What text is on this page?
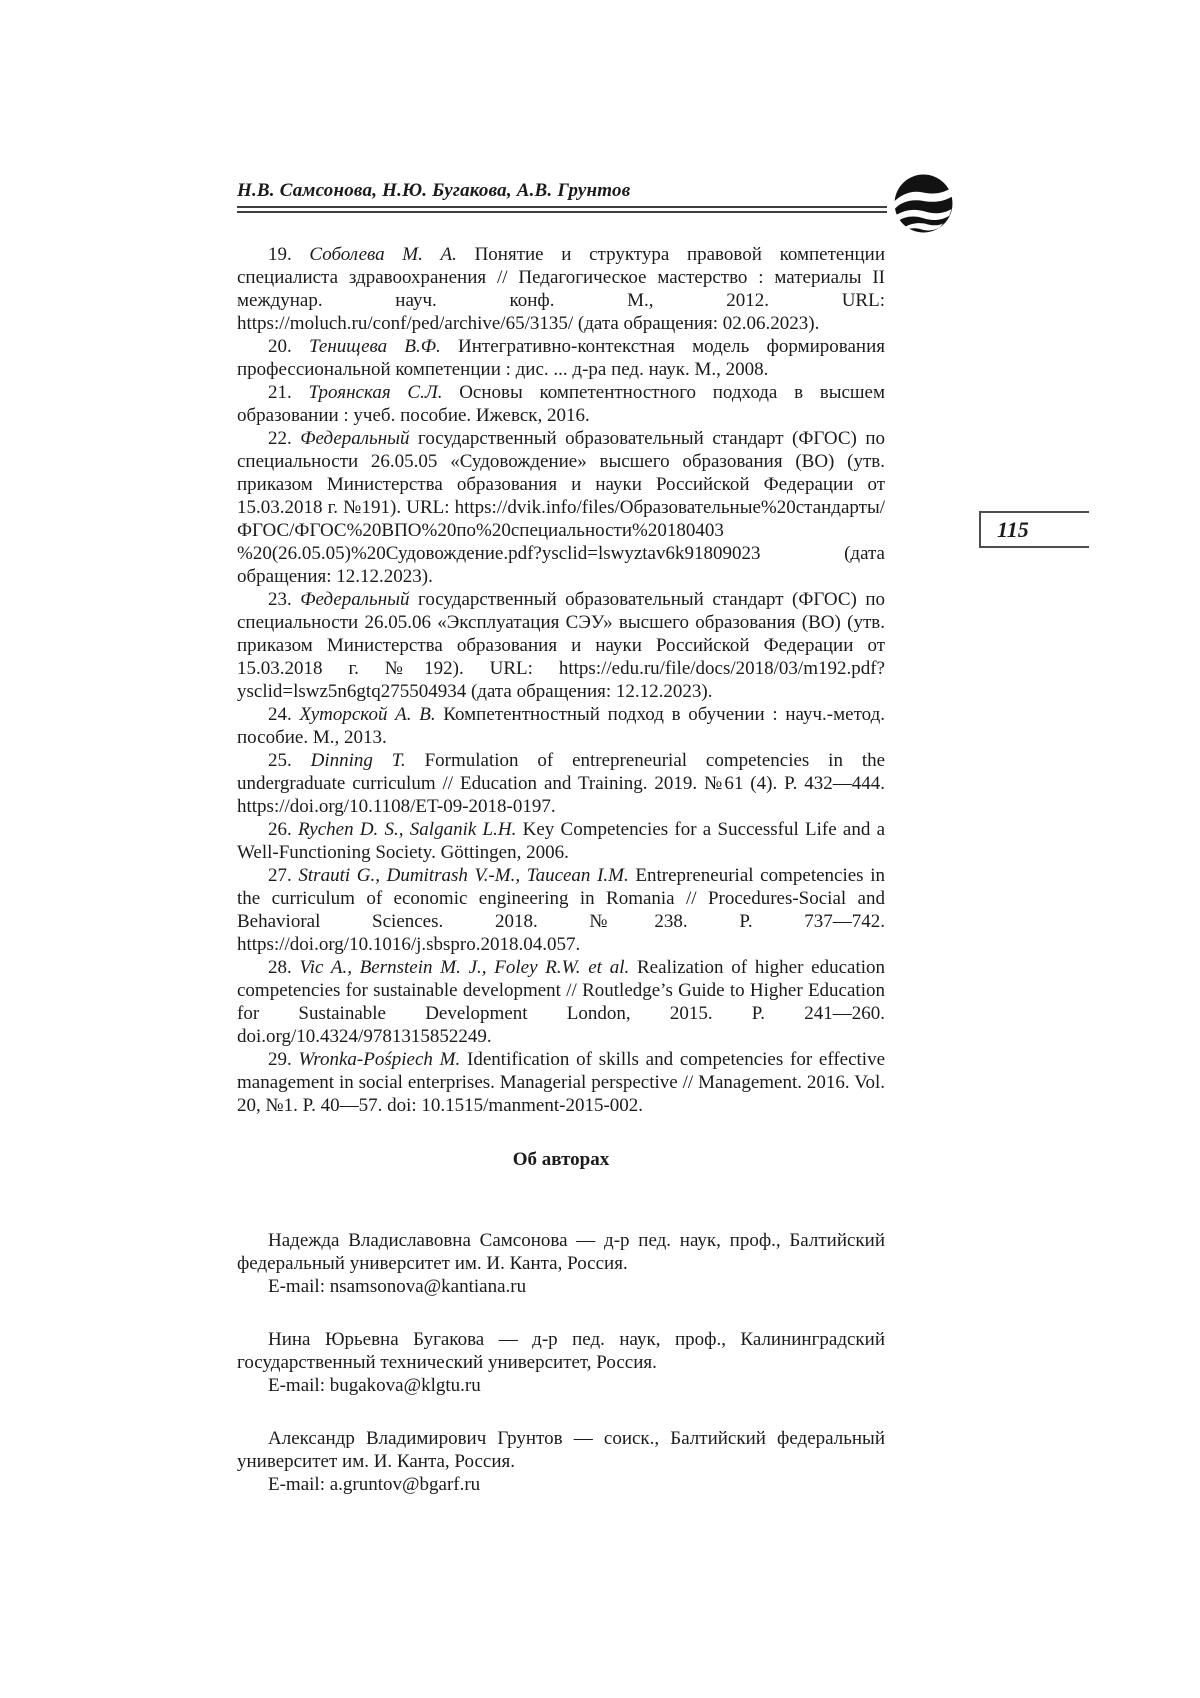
Н.В. Самсонова, Н.Ю. Бугакова, А.В. Грунтов
115

19. Соболева М. А. Понятие и структура правовой компетенции специалиста здравоохранения // Педагогическое мастерство : материалы II междунар. науч. конф. М., 2012. URL: https://moluch.ru/conf/ped/archive/65/3135/ (дата обращения: 02.06.2023).

20. Тенищева В.Ф. Интегративно-контекстная модель формирования профессиональной компетенции : дис. ... д-ра пед. наук. М., 2008.

21. Троянская С.Л. Основы компетентностного подхода в высшем образовании : учеб. пособие. Ижевск, 2016.

22. Федеральный государственный образовательный стандарт (ФГОС) по специальности 26.05.05 «Судовождение» высшего образования (ВО) (утв. приказом Министерства образования и науки Российской Федерации от 15.03.2018 г. №191). URL: https://dvik.info/files/Образовательные%20стандарты/ФГОС/ФГОС%20ВПО%20по%20специальности%20180403 %20(26.05.05)%20Судовождение.pdf?ysclid=lswyztav6k91809023 (дата обращения: 12.12.2023).

23. Федеральный государственный образовательный стандарт (ФГОС) по специальности 26.05.06 «Эксплуатация СЭУ» высшего образования (ВО) (утв. приказом Министерства образования и науки Российской Федерации от 15.03.2018 г. №192). URL: https://edu.ru/file/docs/2018/03/m192.pdf?ysclid=lswz5n6gtq275504934 (дата обращения: 12.12.2023).

24. Хуторской А. В. Компетентностный подход в обучении : науч.-метод. пособие. М., 2013.

25. Dinning T. Formulation of entrepreneurial competencies in the undergraduate curriculum // Education and Training. 2019. №61 (4). P. 432—444. https://doi.org/10.1108/ET-09-2018-0197.

26. Rychen D. S., Salganik L.H. Key Competencies for a Successful Life and a Well-Functioning Society. Göttingen, 2006.

27. Strauti G., Dumitrash V.-M., Taucean I.M. Entrepreneurial competencies in the curriculum of economic engineering in Romania // Procedures-Social and Behavioral Sciences. 2018. №238. P. 737—742. https://doi.org/10.1016/j.sbspro.2018.04.057.

28. Vic A., Bernstein M. J., Foley R.W. et al. Realization of higher education competencies for sustainable development // Routledge’s Guide to Higher Education for Sustainable Development London, 2015. P. 241—260. doi.org/10.4324/9781315852249.

29. Wronka-Pośpiech M. Identification of skills and competencies for effective management in social enterprises. Managerial perspective // Management. 2016. Vol. 20, №1. P. 40—57. doi: 10.1515/manment-2015-002.

Об авторах

Надежда Владиславовна Самсонова — д-р пед. наук, проф., Балтийский федеральный университет им. И. Канта, Россия.

E-mail: nsamsonova@kantiana.ru

Нина Юрьевна Бугакова — д-р пед. наук, проф., Калининградский государственный технический университет, Россия.

E-mail: bugakova@klgtu.ru

Александр Владимирович Грунтов — соиск., Балтийский федеральный университет им. И. Канта, Россия.

E-mail: a.gruntov@bgarf.ru
